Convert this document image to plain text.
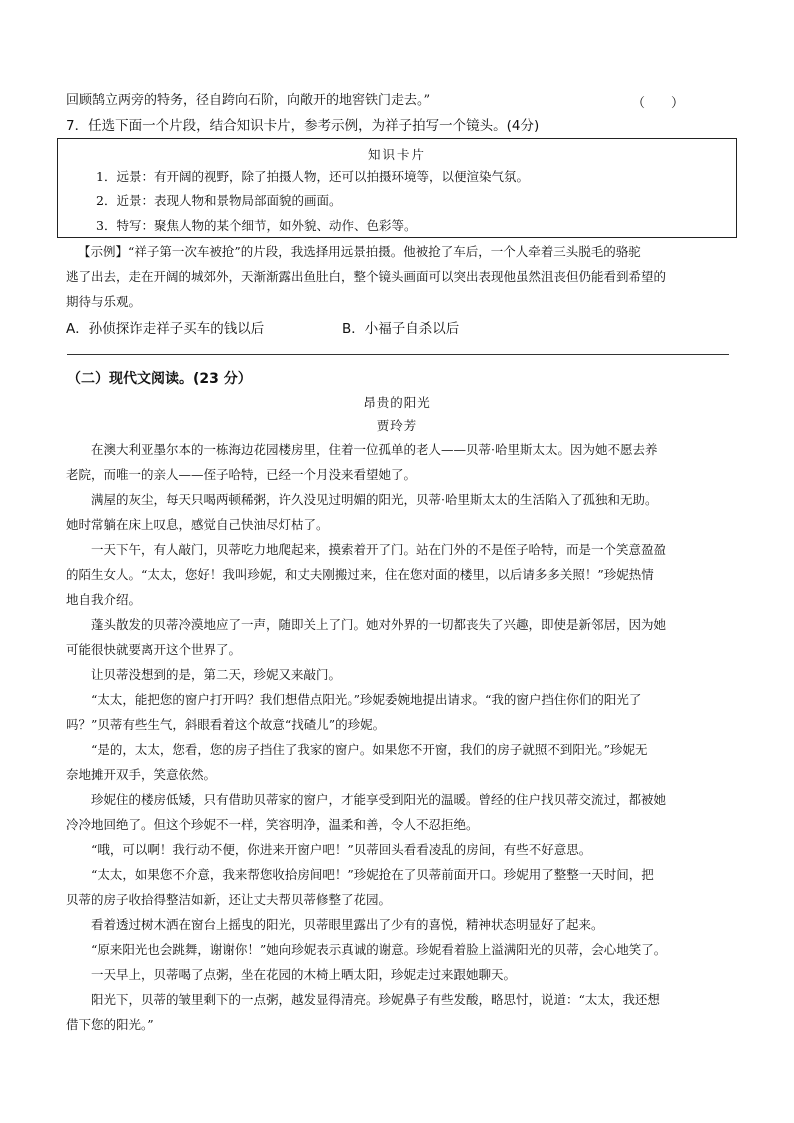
回顾鹄立两旁的特务，径自跨向石阶，向敞开的地窖铁门走去。”	（　　）
7．任选下面一个片段，结合知识卡片，参考示例，为祥子拍写一个镜头。(4分)
知识卡片
1．远景：有开阔的视野，除了拍摄人物，还可以拍摄环境等，以便渲染气氛。
2．近景：表现人物和景物局部面貌的画面。
3．特写：聚焦人物的某个细节，如外貌、动作、色彩等。
【示例】“祥子第一次车被抢”的片段，我选择用远景拍摄。他被抢了车后，一个人牵着三头脱毛的骆驼
逃了出去，走在开阔的城郊外，天渐渐露出鱼肚白，整个镜头画面可以突出表现他虽然沮丧但仍能看到希望的
期待与乐观。
A．孙侦探诈走祥子买车的钱以后	B．小福子自杀以后
（二）现代文阅读。(23 分）
昂贵的阳光
贾玲芳
　　在澳大利亚墨尔本的一栋海边花园楼房里，住着一位孤单的老人——贝蒂·哈里斯太太。因为她不愿去养
老院，而唯一的亲人——侄子哈特，已经一个月没来看望她了。
　　满屋的灰尘，每天只喝两顿稀粥，许久没见过明媚的阳光，贝蒂·哈里斯太太的生活陷入了孤独和无助。
她时常躺在床上叹息，感觉自己快油尽灯枯了。
　　一天下午，有人敲门，贝蒂吃力地爬起来，摸索着开了门。站在门外的不是侄子哈特，而是一个笑意盈盈
的陌生女人。“太太，您好！我叫珍妮，和丈夫刚搬过来，住在您对面的楼里，以后请多多关照！”珍妮热情
地自我介绍。
　　蓬头散发的贝蒂冷漠地应了一声，随即关上了门。她对外界的一切都丧失了兴趣，即使是新邻居，因为她
可能很快就要离开这个世界了。
　　让贝蒂没想到的是，第二天，珍妮又来敲门。
　　“太太，能把您的窗户打开吗？我们想借点阳光。”珍妮委婉地提出请求。“我的窗户挡住你们的阳光了
吗？”贝蒂有些生气，斜眼看着这个故意“找碴儿”的珍妮。
　　“是的，太太，您看，您的房子挡住了我家的窗户。如果您不开窗，我们的房子就照不到阳光。”珍妮无
奈地摊开双手，笑意依然。
　　珍妮住的楼房低矮，只有借助贝蒂家的窗户，才能享受到阳光的温暖。曾经的住户找贝蒂交流过，都被她
冷冷地回绝了。但这个珍妮不一样，笑容明净，温柔和善，令人不忍拒绝。
　　“哦，可以啊！我行动不便，你进来开窗户吧！”贝蒂回头看看凌乱的房间，有些不好意思。
　　“太太，如果您不介意，我来帮您收拾房间吧！”珍妮抢在了贝蒂前面开口。珍妮用了整整一天时间，把
贝蒂的房子收拾得整洁如新，还让丈夫帮贝蒂修整了花园。
　　看着透过树木洒在窗台上摇曳的阳光，贝蒂眼里露出了少有的喜悦，精神状态明显好了起来。
　　“原来阳光也会跳舞，谢谢你！”她向珍妮表示真诚的谢意。珍妮看着脸上溢满阳光的贝蒂，会心地笑了。
　　一天早上，贝蒂喝了点粥，坐在花园的木椅上晒太阳，珍妮走过来跟她聊天。
　　阳光下，贝蒂的皱里剩下的一点粥，越发显得清亮。珍妮鼻子有些发酸，略思忖，说道：“太太，我还想
借下您的阳光。”
